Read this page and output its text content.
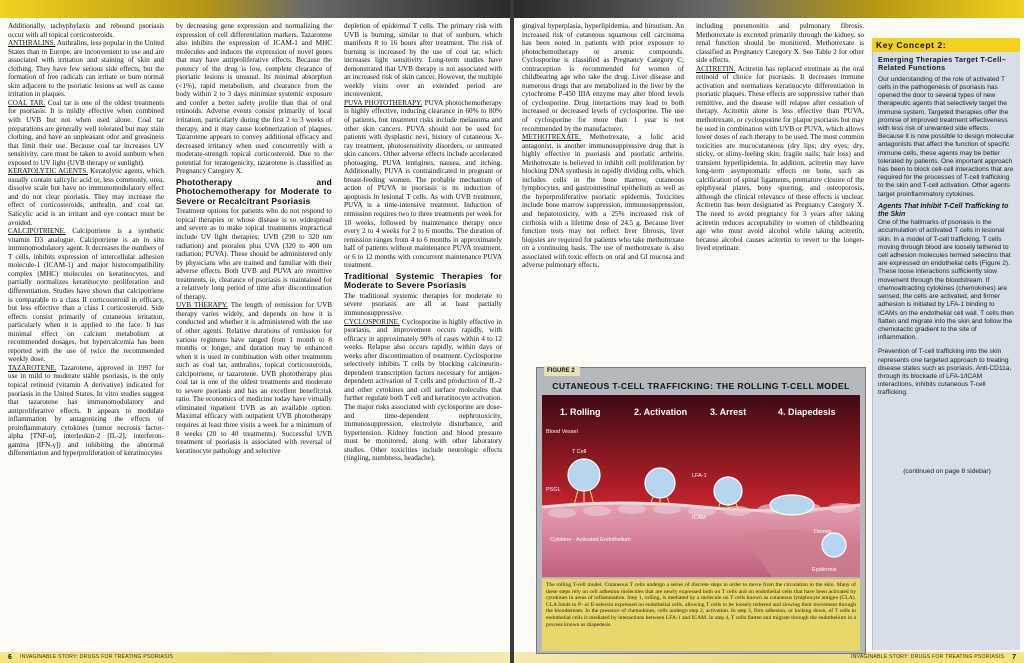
Additionally, tachyphylaxis and rebound psoriasis occur with all topical corticosteroids.

ANTHRALINS. Anthralins, less popular in the United States than in Europe, are inconvenient to use and are associated with irritation and staining of skin and clothing. They have few serious side effects, but the formation of free radicals can irritate or burn normal skin adjacent to the psoriatic lesions as well as cause irritation in plaques.

COAL TAR. Coal tar is one of the oldest treatments for psoriasis. It is mildly effective when combined with UVB but not when used alone. Coal tar preparations are generally well tolerated but may stain clothing, and have an unpleasant odor and greasiness that limit their use. Because coal tar increases UV sensitivity, care must be taken to avoid sunburn when exposed to UV light (UVB therapy or sunlight).

KERATOLYTIC AGENTS. Keratolytic agents, which usually contain salicylic acid or, less commonly, urea, dissolve scale but have no immunomodulatory effect and do not clear psoriasis. They may increase the effect of corticosteroids, anthralin, and coal tar. Salicylic acid is an irritant and eye contact must be avoided.

CALCIPOTRIENE. Calcipotriene is a synthetic vitamin D3 analogue. Calcipotriene is an in situ immunomodulatory agent. It decreases the numbers of T cells, inhibits expression of intercellular adhesion molecule-1 (ICAM-1) and major histocompatibility complex (MHC) molecules on keratinocytes, and partially normalizes keratinocyte proliferation and differentiation. Studies have shown that calcipotriene is comparable to a class II corticosteroid in efficacy, but less effective than a class I corticosteroid. Side effects consist primarily of cutaneous irritation, particularly when it is applied to the face. It has minimal effect on calcium metabolism at recommended dosages, but hypercalcemia has been reported with the use of twice the recommended weekly dose.

TAZAROTENE. Tazarotene, approved in 1997 for use in mild to moderate stable psoriasis, is the only topical retinoid (vitamin A derivative) indicated for psoriasis in the United States. In vitro studies suggest that tazarotene has immunomodulatory and antiproliferative effects. It appears to modulate inflammation by antagonizing the effects of proinflammatory cytokines (tumor necrosis factor-alpha [TNF-α], interleukin-2 [IL-2], interferon-gamma [IFN-γ]) and inhibiting the abnormal differentiation and hyperproliferation of keratinocytes

by decreasing gene expression and normalizing the expression of cell differentiation markers. Tazarotene also inhibits the expression of ICAM-1 and MHC molecules and induces the expression of novel genes that may have antiproliferative effects. Because the potency of the drug is low, complete clearance of psoriatic lesions is unusual. Its minimal absorption (<1%), rapid metabolism, and clearance from the body within 2 to 3 days minimize systemic exposure and confer a better safety profile than that of oral retinoids. Adverse events consist primarily of local irritation, particularly during the first 2 to 3 weeks of therapy, and it may cause koebnerization of plaques. Tazarotene appears to convey additional efficacy and decreased irritancy when used concurrently with a moderate-strength topical corticosteroid. Due to the potential for teratogenicity, tazarotene is classified as Pregnancy Category X.

Phototherapy and Photochemotherapy for Moderate to Severe or Recalcitrant Psoriasis

Treatment options for patients who do not respond to topical therapies or whose disease is so widespread and severe as to make topical treatments impractical include UV light therapies: UVB (290 to 320 nm radiation) and psoralen plus UVA (320 to 400 nm radiation; PUVA). These should be administered only by physicians who are trained and familiar with their adverse effects. Both UVB and PUVA are remittive treatments, ie, clearance of psoriasis is maintained for a relatively long period of time after discontinuation of therapy.

UVB THERAPY. The length of remission for UVB therapy varies widely, and depends on how it is conducted and whether it is administered with the use of other agents. Relative durations of remission for various regimens have ranged from 1 month to 8 months or longer, and duration may be enhanced when it is used in combination with other treatments such as coal tar, anthralins, topical corticosteroids, calcipotriene, or tazarotene. UVB phototherapy plus coal tar is one of the oldest treatments and moderate to severe psoriasis and has an excellent benefit:risk ratio. The economics of medicine today have virtually eliminated inpatient UVB as an available option. Maximal efficacy with outpatient UVB phototherapy requires at least three visits a week for a minimum of 8 weeks (20 to 40 treatments). Successful UVB treatment of psoriasis is associated with reversal of keratinocyte pathology and selective

depletion of epidermal T cells. The primary risk with UVB is burning, similar to that of sunburn, which manifests 8 to 16 hours after treatment. The risk of burning is increased by the use of coal tar, which increases light sensitivity. Long-term studies have demonstrated that UVB therapy is not associated with an increased risk of skin cancer. However, the multiple weekly visits over an extended period are inconvenient.

PUVA PHOTOTHERAPY. PUVA photochemotherapy is highly effective, inducing clearance in 60% to 80% of patients, but treatment risks include melanoma and other skin cancers. PUVA should not be used for patients with dysplastic nevi, history of cutaneous X-ray treatment, photosensitivity disorders, or untreated skin cancers. Other adverse effects include accelerated photoaging, PUVA lentigines, nausea, and itching. Additionally, PUVA is contraindicated in pregnant or breast-feeding women. The probable mechanism of action of PUVA in psoriasis is its induction of apoptosis in lesional T cells. As with UVB treatment, PUVA is a time-intensive treatment. Induction of remission requires two to three treatments per week for 10 weeks, followed by maintenance therapy once every 2 to 4 weeks for 2 to 6 months. The duration of remission ranges from 4 to 6 months in approximately half of patients without maintenance PUVA treatment, or 6 to 12 months with concurrent maintenance PUVA treatment.

Traditional Systemic Therapies for Moderate to Severe Psoriasis

The traditional systemic therapies for moderate to severe psoriasis are all at least partially immunosuppressive.

CYCLOSPORINE. Cyclosporine is highly effective in psoriasis, and improvement occurs rapidly, with efficacy in approximately 90% of cases within 4 to 12 weeks. Relapse also occurs rapidly, within days or weeks after discontinuation of treatment. Cyclosporine selectively inhibits T cells by blocking calcineurin-dependent transcription factors necessary for antigen-dependent activation of T cells and production of IL-2 and other cytokines and cell surface molecules that further regulate both T cell and keratinocyte activation. The major risks associated with cyclosporine are dose- and time-dependent nephrotoxicity, immunosuppression, electrolyte disturbance, and hypertension. Kidney function and blood pressure must be monitored, along with other laboratory studies. Other toxicities include neurologic effects (tingling, numbness, headache),

6 INVAGINABLE STORY: DRUGS FOR TREATING PSORIASIS

gingival hyperplasia, hyperlipidemia, and hirsutism. An increased risk of cutaneous squamous cell carcinoma has been noted in patients with prior exposure to photochemotherapy or arsenic compounds. Cyclosporine is classified as Pregnancy Category C; contraception is recommended for women of childbearing age who take the drug. Liver disease and numerous drugs that are metabolized in the liver by the cytochrome P-450 IIIA enzyme may alter blood levels of cyclosporine. Drug interactions may lead to both increased or decreased levels of cyclosporine. The use of cyclosporine for more than 1 year is not recommended by the manufacturer.

METHOTREXATE. Methotrexate, a folic acid antagonist, is another immunosuppressive drug that is highly effective in psoriasis and psoriatic arthritis. Methotrexate is believed to inhibit cell proliferation by blocking DNA synthesis in rapidly dividing cells, which includes cells in the bone marrow, cutaneous lymphocytes, and gastrointestinal epithelium as well as the hyperproliferative psoriatic epidermis. Toxicities include bone marrow suppression, immunosuppression, and hepatotoxicity, with a 25% increased risk of cirrhosis with a lifetime dose of 24.5 g. Because liver function tests may not reflect liver fibrosis, liver biopsies are required for patients who take methotrexate on a continuing basis. The use of methotrexate is also associated with toxic effects on oral and GI mucosa and adverse pulmonary effects,

including pneumonitis and pulmonary fibrosis. Methotrexate is excreted primarily through the kidney, so renal function should be monitored. Methotrexate is classified as Pregnancy Category X. See Table 2 for other side effects.

ACITRETIN. Acitretin has replaced etretinate as the oral retinoid of choice for psoriasis. It decreases immune activation and normalizes keratinocyte differentiation in psoriatic plaques. These effects are suppressive rather than remittive, and the disease will relapse after cessation of therapy. Acitretin alone is less effective than PUVA, methotrexate, or cyclosporine for plaque psoriasis but may be used in combination with UVB or PUVA, which allows lower doses of each therapy to be used. The most common toxicities are mucocutaneous (dry lips; dry eyes; dry, sticky, or slimy-feeling skin; fragile nails; hair loss) and transient hyperlipidemia. In addition, acitretin may have long-term asymptomatic effects on bone, such as calcification of spinal ligaments, premature closure of the epiphyseal plates, bony spurring, and osteoporosis, although the clinical relevance of these effects is unclear. Acitretin has been designated as Pregnancy Category X. The need to avoid pregnancy for 3 years after taking acitretin reduces acceptability to women of childbearing age who must avoid alcohol while taking acitretin, because alcohol causes acitretin to revert to the longer-lived etretinate.

INVAGINABLE STORY: DRUGS FOR TREATING PSORIASIS 7
FIGURE 2
CUTANEOUS T-CELL TRAFFICKING: THE ROLLING T-CELL MODEL
1. Rolling	2. Activation	3. Arrest	4. Diapedesis
Blood Vessel
PSGL
T Cell
LFA-1
ICAM
Cytokine - Activated Endothelium
Dermis
Epidermis
The rolling T-cell model. Cutaneous T cells undergo a series of discrete steps in order to move from the circulation to the skin. Many of these steps rely on cell adhesion molecules that are newly expressed both on T cells and on endothelial cells that have been activated by cytokines in areas of inflammation. Step 1, rolling, is mediated by a molecule on T cells known as cutaneous lymphocyte antigen (CLA). CLA binds to P- or E-selectin expressed on endothelial cells, allowing T cells to be loosely tethered and slowing their movement through the bloodstream. In the presence of chemokines, cells undergo step 2, activation. In step 3, firm adhesion, or locking down, of T cells to endothelial cells is mediated by interactions between LFA-1 and ICAM. In step 4, T cells flatten and migrate through the endothelium in a process known as diapedesis.
Key Concept 2:
Emerging Therapies Target T-Cell–Related Functions

Our understanding of the role of activated T cells in the pathogenesis of psoriasis has opened the door to several types of new therapeutic agents that selectively target the immune system. Targeted therapies offer the promise of improved treatment effectiveness with less risk of unwanted side effects. Because it is now possible to design molecular antagonists that affect the function of specific immune cells, these agents may be better tolerated by patients. One important approach has been to block cell-cell interactions that are required for the processes of T-cell trafficking to the skin and T-cell activation. Other agents target proinflammatory cytokines.

Agents That Inhibit T-Cell Trafficking to the Skin

One of the hallmarks of psoriasis is the accumulation of activated T cells in lesional skin. In a model of T-cell trafficking, T cells moving through blood are loosely tethered to cell adhesion molecules termed selectins that are expressed on endothelial cells (Figure 2). These loose interactions sufficiently slow movement through the bloodstream. If chemoattracting cytokines (chemokines) are sensed, the cells are activated, and firmer adhesion is initiated by LFA-1 binding to ICAMs on the endothelial cell wall. T cells then flatten and migrate into the skin and follow the chemotactic gradient to the site of inflammation.

Prevention of T-cell trafficking into the skin represents one targeted approach to treating disease states such as psoriasis. Anti-CD11a, through its blockade of LFA-1/ICAM interactions, inhibits cutaneous T-cell trafficking.

(continued on page 8 sidebar)
